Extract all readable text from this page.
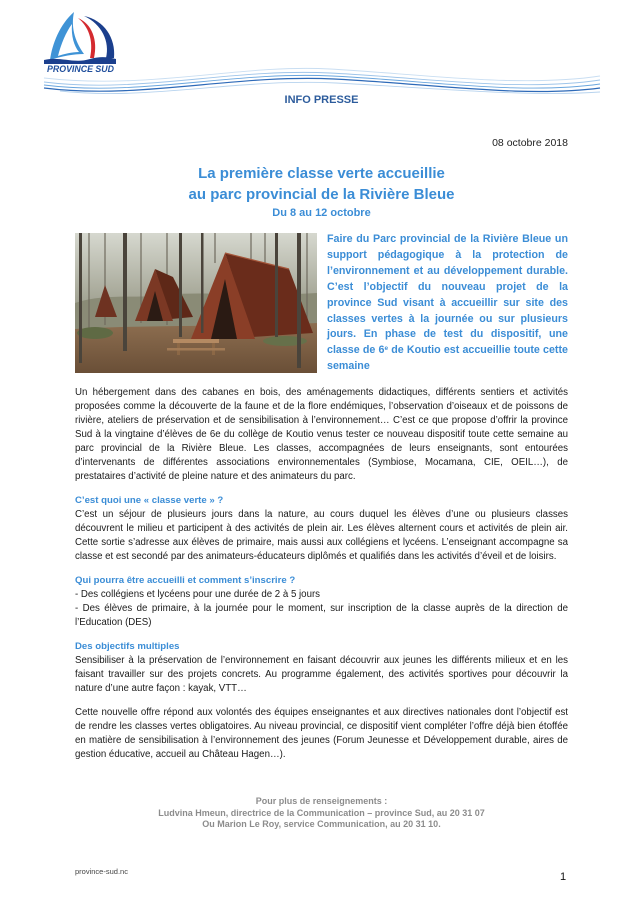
PROVINCE SUD
INFO PRESSE
08 octobre 2018
La première classe verte accueillie
au parc provincial de la Rivière Bleue
Du 8 au 12 octobre
Faire du Parc provincial de la Rivière Bleue un support pédagogique à la protection de l’environnement et au développement durable. C’est l’objectif du nouveau projet de la province Sud visant à accueillir sur site des classes vertes à la journée ou sur plusieurs jours. En phase de test du dispositif, une classe de 6e de Koutio est accueillie toute cette semaine

Un hébergement dans des cabanes en bois, des aménagements didactiques, différents sentiers et activités proposées comme la découverte de la faune et de la flore endémiques, l’observation d’oiseaux et de poissons de rivière, ateliers de préservation et de sensibilisation à l’environnement… C’est ce que propose d’offrir la province Sud à la vingtaine d’élèves de 6e du collège de Koutio venus tester ce nouveau dispositif toute cette semaine au parc provincial de la Rivière Bleue. Les classes, accompagnées de leurs enseignants, sont entourées d’intervenants de différentes associations environnementales (Symbiose, Mocamana, CIE, OEIL…), de prestataires d’activité de pleine nature et des animateurs du parc.

C’est quoi une « classe verte » ?

C’est un séjour de plusieurs jours dans la nature, au cours duquel les élèves d’une ou plusieurs classes découvrent le milieu et participent à des activités de plein air. Les élèves alternent cours et activités de plein air. Cette sortie s’adresse aux élèves de primaire, mais aussi aux collégiens et lycéens. L’enseignant accompagne sa classe et est secondé par des animateurs-éducateurs diplômés et qualifiés dans les activités d’éveil et de loisirs.

Qui pourra être accueilli et comment s’inscrire ?

- Des collégiens et lycéens pour une durée de 2 à 5 jours

- Des élèves de primaire, à la journée pour le moment, sur inscription de la classe auprès de la direction de l’Education (DES)

Des objectifs multiples

Sensibiliser à la préservation de l’environnement en faisant découvrir aux jeunes les différents milieux et en les faisant travailler sur des projets concrets. Au programme également, des activités sportives pour découvrir la nature d’une autre façon : kayak, VTT…

Cette nouvelle offre répond aux volontés des équipes enseignantes et aux directives nationales dont l’objectif est de rendre les classes vertes obligatoires. Au niveau provincial, ce dispositif vient compléter l’offre déjà bien étoffée en matière de sensibilisation à l’environnement des jeunes (Forum Jeunesse et Développement durable, aires de gestion éducative, accueil au Château Hagen…).

Pour plus de renseignements :
Ludvina Hmeun, directrice de la Communication – province Sud, au 20 31 07
Ou Marion Le Roy, service Communication, au 20 31 10.
province-sud.nc	1
